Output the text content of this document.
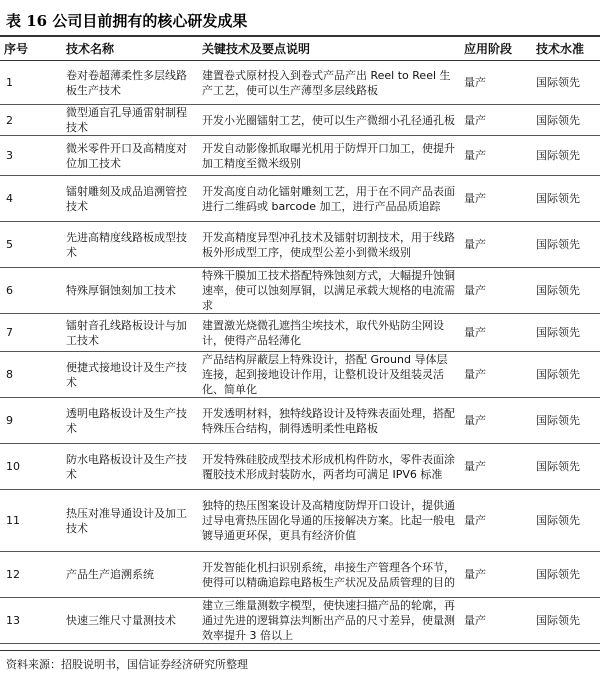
表 16 公司目前拥有的核心研发成果
序号	技术名称	关键技术及要点说明	应用阶段	技术水准
1	卷对卷超薄柔性多层线路板生产技术	建置卷式原材投入到卷式产品产出 Reel to Reel 生产工艺，使可以生产薄型多层线路板	量产	国际领先
2	微型通盲孔导通雷射制程技术	开发小光圈镭射工艺，使可以生产微细小孔径通孔板	量产	国际领先
3	微米零件开口及高精度对位加工技术	开发自动影像抓取曝光机用于防焊开口加工，使提升加工精度至微米级别	量产	国际领先
4	镭射雕刻及成品追溯管控技术	开发高度自动化镭射雕刻工艺，用于在不同产品表面进行二维码或 barcode 加工，进行产品品质追踪	量产	国际领先
5	先进高精度线路板成型技术	开发高精度异型冲孔技术及镭射切割技术，用于线路板外形成型工序，使成型公差小到微米级别	量产	国际领先
6	特殊厚铜蚀刻加工技术	特殊干膜加工技术搭配特殊蚀刻方式，大幅提升蚀铜速率，使可以蚀刻厚铜，以满足承载大规格的电流需求	量产	国际领先
7	镭射音孔线路板设计与加工技术	建置激光烧微孔遮挡尘埃技术，取代外贴防尘网设计，使得产品轻薄化	量产	国际领先
8	便捷式接地设计及生产技术	产品结构屏蔽层上特殊设计，搭配 Ground 导体层连接，起到接地设计作用，让整机设计及组装灵活化、简单化	量产	国际领先
9	透明电路板设计及生产技术	开发透明材料，独特线路设计及特殊表面处理，搭配特殊压合结构，制得透明柔性电路板	量产	国际领先
10	防水电路板设计及生产技术	开发特殊硅胶成型技术形成机构件防水，零件表面涂覆胶技术形成封装防水，两者均可满足 IPV6 标准	量产	国际领先
11	热压对准导通设计及加工技术	独特的热压图案设计及高精度防焊开口设计，提供通过导电膏热压固化导通的压接解决方案。比起一般电镀导通更环保，更具有经济价值	量产	国际领先
12	产品生产追溯系统	开发智能化机扫识别系统，串接生产管理各个环节，使得可以精确追踪电路板生产状况及品质管理的目的	量产	国际领先
13	快速三维尺寸量测技术	建立三维量测数字模型，使快速扫描产品的轮廓，再通过先进的逻辑算法判断出产品的尺寸差异，使量测效率提升 3 倍以上	量产	国际领先
资料来源：招股说明书，国信证券经济研究所整理
